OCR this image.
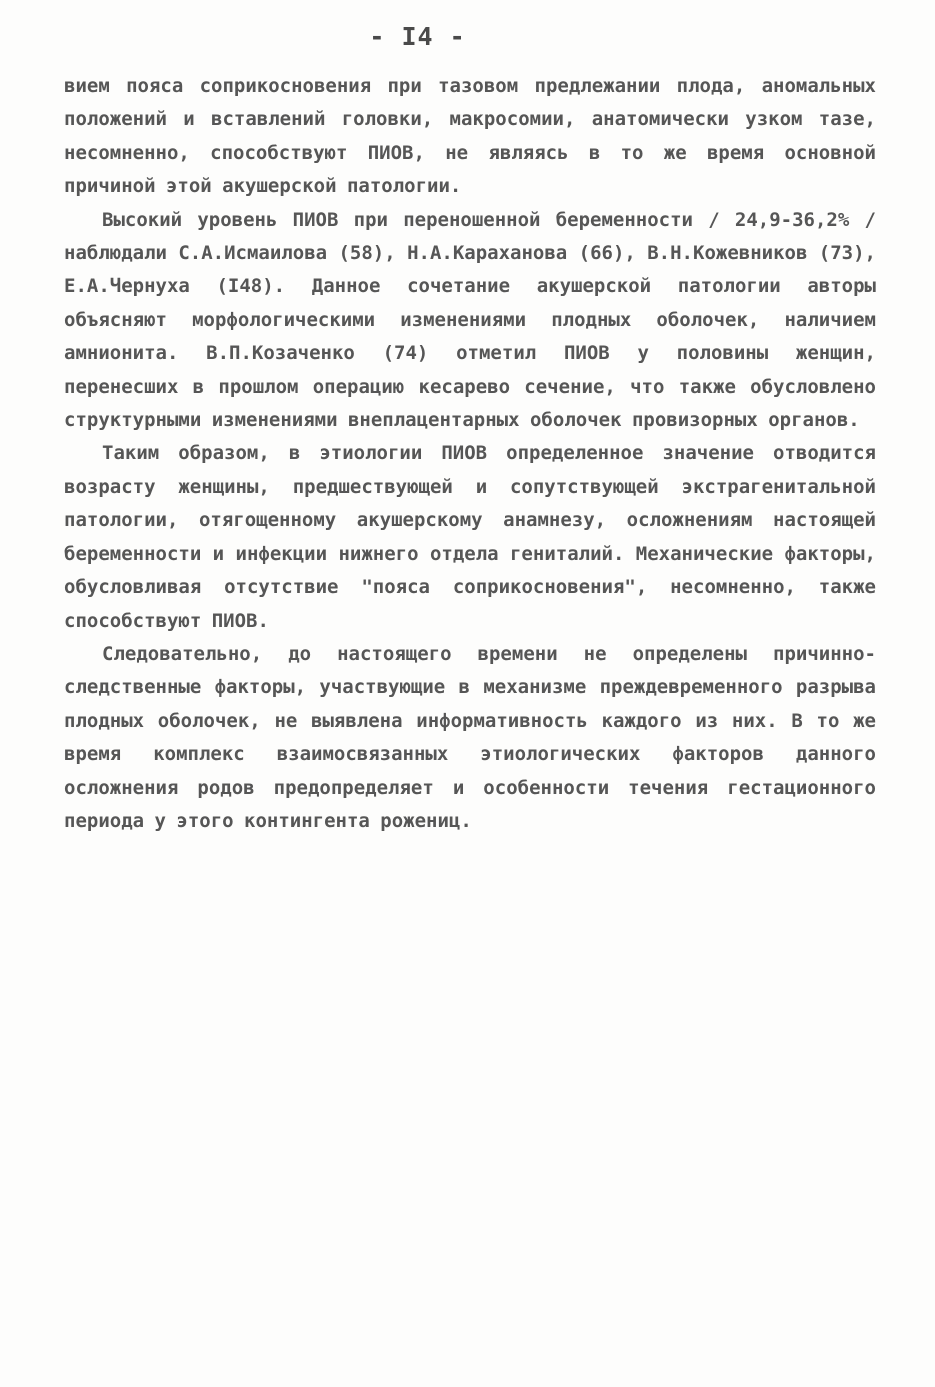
- I4 -

вием пояса соприкосновения при тазовом предлежании плода, аномальных положений и вставлений головки, макросомии, анатомически узком тазе, несомненно, способствуют ПИОВ, не являясь в то же время основной причиной этой акушерской патологии.

Высокий уровень ПИОВ при переношенной беременности / 24,9-36,2% / наблюдали С.А.Исмаилова (58), Н.А.Караханова (66), В.Н.Кожевников (73), Е.А.Чернуха (I48). Данное сочетание акушерской патологии авторы объясняют морфологическими изменениями плодных оболочек, наличием амнионита. В.П.Козаченко (74) отметил ПИОВ у половины женщин, перенесших в прошлом операцию кесарево сечение, что также обусловлено структурными изменениями внеплацентарных оболочек провизорных органов.

Таким образом, в этиологии ПИОВ определенное значение отводится возрасту женщины, предшествующей и сопутствующей экстрагенитальной патологии, отягощенному акушерскому анамнезу, осложнениям настоящей беременности и инфекции нижнего отдела гениталий. Механические факторы, обусловливая отсутствие "пояса соприкосновения", несомненно, также способствуют ПИОВ.

Следовательно, до настоящего времени не определены причинно-следственные факторы, участвующие в механизме преждевременного разрыва плодных оболочек, не выявлена информативность каждого из них. В то же время комплекс взаимосвязанных этиологических факторов данного осложнения родов предопределяет и особенности течения гестационного периода у этого контингента рожениц.
